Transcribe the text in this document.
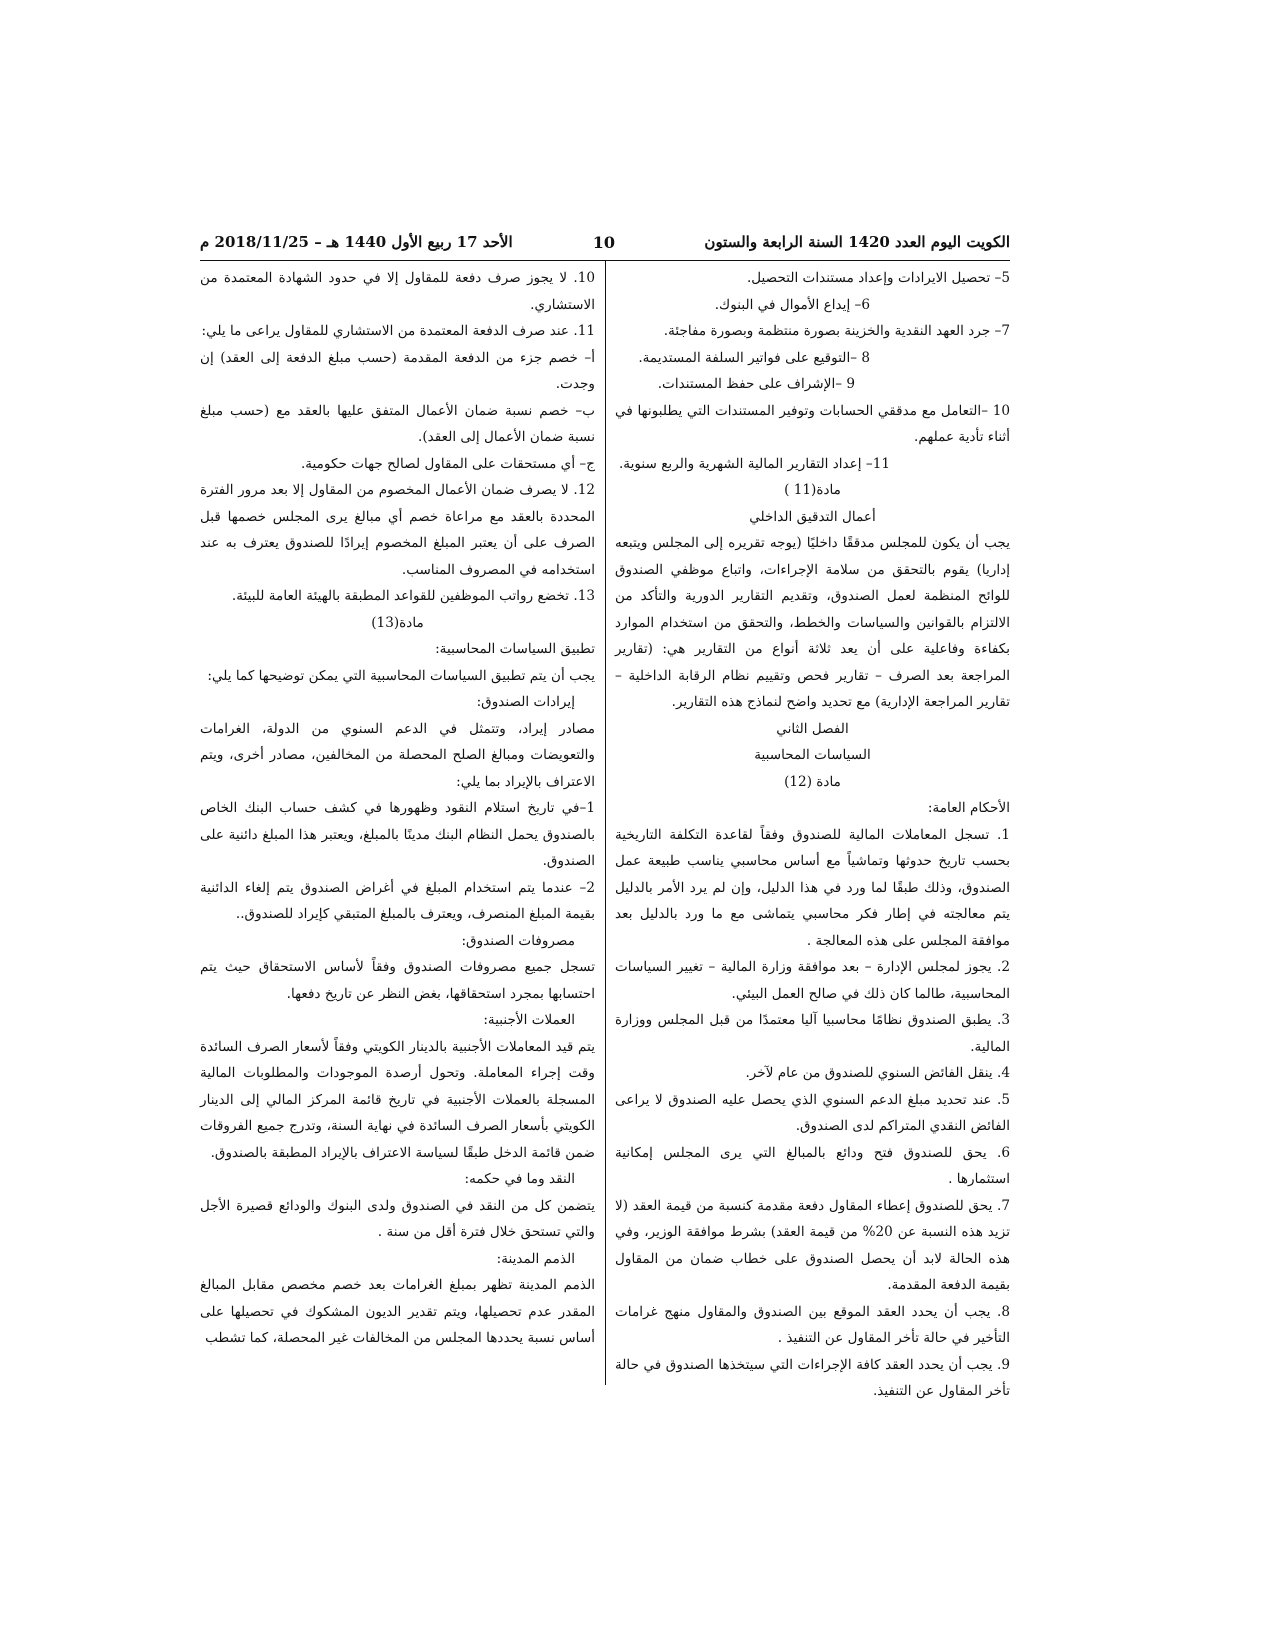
الكويت اليوم العدد 1420 السنة الرابعة والستون
10
الأحد 17 ربيع الأول 1440 هـ – 2018/11/25 م

5– تحصيل الايرادات وإعداد مستندات التحصيل.

6– إيداع الأموال في البنوك.

7– جرد العهد النقدية والخزينة بصورة منتظمة وبصورة مفاجئة.

8 –التوقيع على فواتير السلفة المستديمة.

9 –الإشراف على حفظ المستندات.

10 –التعامل مع مدققي الحسابات وتوفير المستندات التي يطلبونها في أثناء تأدية عملهم.

11– إعداد التقارير المالية الشهرية والربع سنوية.

مادة(11 )

أعمال التدقيق الداخلي

يجب أن يكون للمجلس مدققًا داخليًا (يوجه تقريره إلى المجلس ويتبعه إداريا) يقوم بالتحقق من سلامة الإجراءات، واتباع موظفي الصندوق للوائح المنظمة لعمل الصندوق، وتقديم التقارير الدورية والتأكد من الالتزام بالقوانين والسياسات والخطط، والتحقق من استخدام الموارد بكفاءة وفاعلية على أن يعد ثلاثة أنواع من التقارير هي: (تقارير المراجعة بعد الصرف – تقارير فحص وتقييم نظام الرقابة الداخلية – تقارير المراجعة الإدارية) مع تحديد واضح لنماذج هذه التقارير.

الفصل الثاني

السياسات المحاسبية

مادة (12)

الأحكام العامة:

1. تسجل المعاملات المالية للصندوق وفقاً لقاعدة التكلفة التاريخية بحسب تاريخ حدوثها وتماشياً مع أساس محاسبي يناسب طبيعة عمل الصندوق، وذلك طبقًا لما ورد في هذا الدليل، وإن لم يرد الأمر بالدليل يتم معالجته في إطار فكر محاسبي يتماشى مع ما ورد بالدليل بعد موافقة المجلس على هذه المعالجة .

2. يجوز لمجلس الإدارة – بعد موافقة وزارة المالية – تغيير السياسات المحاسبية، طالما كان ذلك في صالح العمل البيئي.

3. يطبق الصندوق نظامًا محاسبيا آليا معتمدًا من قبل المجلس ووزارة المالية.

4. ينقل الفائض السنوي للصندوق من عام لآخر.

5. عند تحديد مبلغ الدعم السنوي الذي يحصل عليه الصندوق لا يراعى الفائض النقدي المتراكم لدى الصندوق.

6. يحق للصندوق فتح ودائع بالمبالغ التي يرى المجلس إمكانية استثمارها .

7. يحق للصندوق إعطاء المقاول دفعة مقدمة كنسبة من قيمة العقد (لا تزيد هذه النسبة عن 20% من قيمة العقد) بشرط موافقة الوزير، وفي هذه الحالة لابد أن يحصل الصندوق على خطاب ضمان من المقاول بقيمة الدفعة المقدمة.

8. يجب أن يحدد العقد الموقع بين الصندوق والمقاول منهج غرامات التأخير في حالة تأخر المقاول عن التنفيذ .

9. يجب أن يحدد العقد كافة الإجراءات التي سيتخذها الصندوق في حالة تأخر المقاول عن التنفيذ.

10. لا يجوز صرف دفعة للمقاول إلا في حدود الشهادة المعتمدة من الاستشاري.

11. عند صرف الدفعة المعتمدة من الاستشاري للمقاول يراعى ما يلي:

أ– خصم جزء من الدفعة المقدمة (حسب مبلغ الدفعة إلى العقد) إن وجدت.

ب– خصم نسبة ضمان الأعمال المتفق عليها بالعقد مع (حسب مبلغ نسبة ضمان الأعمال إلى العقد).

ج– أي مستحقات على المقاول لصالح جهات حكومية.

12. لا يصرف ضمان الأعمال المخصوم من المقاول إلا بعد مرور الفترة المحددة بالعقد مع مراعاة خصم أي مبالغ يرى المجلس خصمها قبل الصرف على أن يعتبر المبلغ المخصوم إيرادًا للصندوق يعترف به عند استخدامه في المصروف المناسب.

13. تخضع رواتب الموظفين للقواعد المطبقة بالهيئة العامة للبيئة.

مادة(13)

تطبيق السياسات المحاسبية:

يجب أن يتم تطبيق السياسات المحاسبية التي يمكن توضيحها كما يلي:

إيرادات الصندوق:

مصادر إيراد، وتتمثل في الدعم السنوي من الدولة، الغرامات والتعويضات ومبالغ الصلح المحصلة من المخالفين، مصادر أخرى، ويتم الاعتراف بالإيراد بما يلي:

1–في تاريخ استلام النقود وظهورها في كشف حساب البنك الخاص بالصندوق يحمل النظام البنك مدينًا بالمبلغ، ويعتبر هذا المبلغ دائنية على الصندوق.

2– عندما يتم استخدام المبلغ في أغراض الصندوق يتم إلغاء الدائنية بقيمة المبلغ المنصرف، ويعترف بالمبلغ المتبقي كإيراد للصندوق..

مصروفات الصندوق:

تسجل جميع مصروفات الصندوق وفقاً لأساس الاستحقاق حيث يتم احتسابها بمجرد استحقاقها، بغض النظر عن تاريخ دفعها.

العملات الأجنبية:

يتم قيد المعاملات الأجنبية بالدينار الكويتي وفقاً لأسعار الصرف السائدة وقت إجراء المعاملة. وتحول أرصدة الموجودات والمطلوبات المالية المسجلة بالعملات الأجنبية في تاريخ قائمة المركز المالي إلى الدينار الكويتي بأسعار الصرف السائدة في نهاية السنة، وتدرج جميع الفروقات ضمن قائمة الدخل طبقًا لسياسة الاعتراف بالإيراد المطبقة بالصندوق.

النقد وما في حكمه:

يتضمن كل من النقد في الصندوق ولدى البنوك والودائع قصيرة الأجل والتي تستحق خلال فترة أقل من سنة .

الذمم المدينة:

الذمم المدينة تظهر بمبلغ الغرامات بعد خصم مخصص مقابل المبالغ المقدر عدم تحصيلها، ويتم تقدير الديون المشكوك في تحصيلها على أساس نسبة يحددها المجلس من المخالفات غير المحصلة، كما تشطب
